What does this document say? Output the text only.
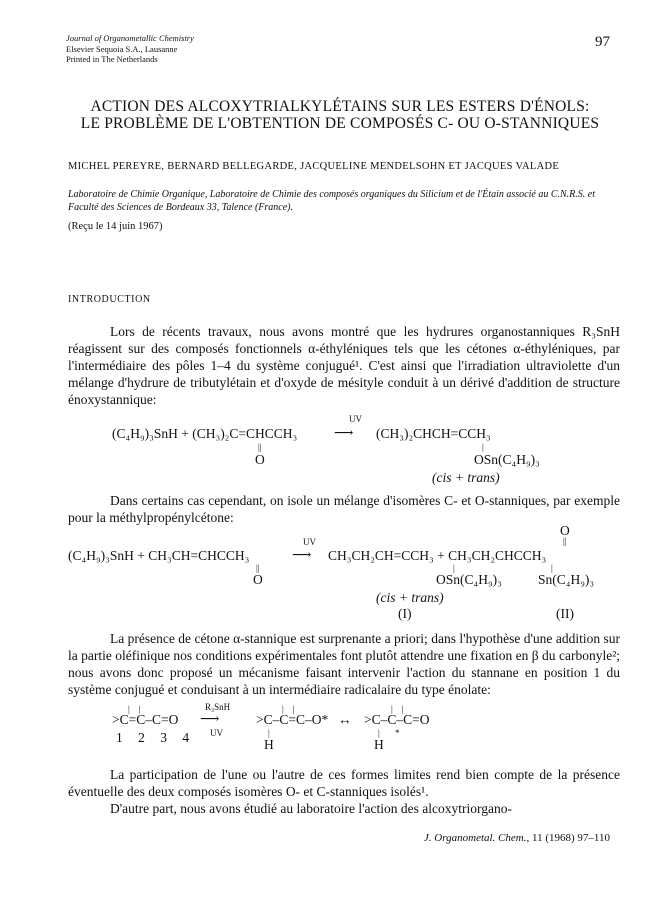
Journal of Organometallic Chemistry
Elsevier Sequoia S.A., Lausanne
Printed in The Netherlands
97
ACTION DES ALCOXYTRIALKYLÉTAINS SUR LES ESTERS D'ÉNOLS:
LE PROBLÈME DE L'OBTENTION DE COMPOSÉS C- OU O-STANNIQUES
MICHEL PEREYRE, BERNARD BELLEGARDE, JACQUELINE MENDELSOHN ET JACQUES VALADE
Laboratoire de Chimie Organique, Laboratoire de Chimie des composés organiques du Silicium et de l'Étain associé au C.N.R.S. et Faculté des Sciences de Bordeaux 33, Talence (France).
(Reçu le 14 juin 1967)
INTRODUCTION
Lors de récents travaux, nous avons montré que les hydrures organostanniques R₃SnH réagissent sur des composés fonctionnels α-éthyléniques tels que les cétones α-éthyléniques, par l'intermédiaire des pôles 1–4 du système conjugué¹. C'est ainsi que l'irradiation ultraviolette d'un mélange d'hydrure de tributylétain et d'oxyde de mésityle conduit à un dérivé d'addition de structure énoxystannique:
(C₄H₉)₃SnH + (CH₃)₂C=CHCCH₃
||
O
UV
⟶ (CH₃)₂CHCH=CCH₃
|
OSn(C₄H₉)₃
(cis + trans)
Dans certains cas cependant, on isole un mélange d'isomères C- et O-stanniques, par exemple pour la méthylpropénylcétone:
O
||
(C₄H₉)₃SnH + CH₃CH=CHCCH₃
||
O
UV
⟶ CH₃CH₂CH=CCH₃ + CH₃CH₂CHCCH₃
|
OSn(C₄H₉)₃
|
Sn(C₄H₉)₃
(cis + trans)
(I)	(II)
La présence de cétone α-stannique est surprenante a priori; dans l'hypothèse d'une addition sur la partie oléfinique nos conditions expérimentales font plutôt attendre une fixation en β du carbonyle²; nous avons donc proposé un mécanisme faisant intervenir l'action du stannane en position 1 du système conjugué et conduisant à un intermédiaire radicalaire du type énolate:
|    |
>C=C–C=O
1 2 3 4
R₃SnH
⟶
UV
|    |
>C–C=C–O*
|
H
↔
|    |
>C–C–C=O
| *
H
La participation de l'une ou l'autre de ces formes limites rend bien compte de la présence éventuelle des deux composés isomères O- et C-stanniques isolés¹.
D'autre part, nous avons étudié au laboratoire l'action des alcoxytriorgano-
J. Organometal. Chem., 11 (1968) 97–110
